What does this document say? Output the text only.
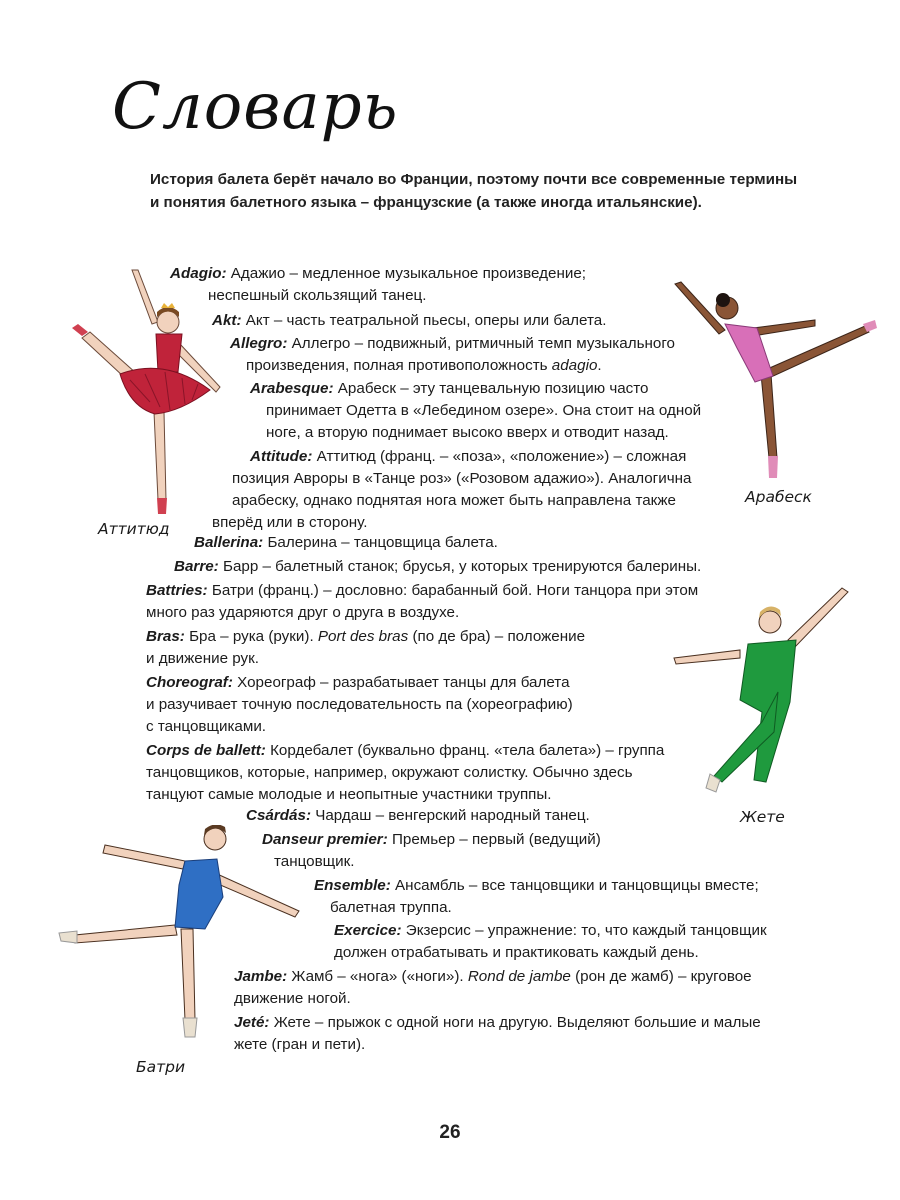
Словарь
История балета берёт начало во Франции, поэтому почти все современные термины и понятия балетного языка – французские (а также иногда итальянские).
Adagio: Адажио – медленное музыкальное произведение;
неспешный скользящий танец.
Akt: Акт – часть театральной пьесы, оперы или балета.
Allegro: Аллегро – подвижный, ритмичный темп музыкального
произведения, полная противоположность adagio.
Arabesque: Арабеск – эту танцевальную позицию часто
принимает Одетта в «Лебедином озере». Она стоит на одной
ноге, а вторую поднимает высоко вверх и отводит назад.
Attitude: Аттитюд (франц. – «поза», «положение») – сложная
позиция Авроры в «Танце роз» («Розовом адажио»). Аналогична
арабеску, однако поднятая нога может быть направлена также
вперёд или в сторону.
Ballerina: Балерина – танцовщица балета.
Barre: Барр – балетный станок; брусья, у которых тренируются балерины.
Battries: Батри (франц.) – дословно: барабанный бой. Ноги танцора при этом
много раз ударяются друг о друга в воздухе.
Bras: Бра – рука (руки). Port des bras (по де бра) – положение
и движение рук.
Choreograf: Хореограф – разрабатывает танцы для балета
и разучивает точную последовательность па (хореографию)
с танцовщиками.
Corps de ballett: Кордебалет (буквально франц. «тела балета») – группа
танцовщиков, которые, например, окружают солистку. Обычно здесь
танцуют самые молодые и неопытные участники труппы.
Csárdás: Чардаш – венгерский народный танец.
Danseur premier: Премьер – первый (ведущий)
танцовщик.
Ensemble: Ансамбль – все танцовщики и танцовщицы вместе;
балетная труппа.
Exercice: Экзерсис – упражнение: то, что каждый танцовщик
должен отрабатывать и практиковать каждый день.
Jambe: Жамб – «нога» («ноги»). Rond de jambe (рон де жамб) – круговое
движение ногой.
Jeté: Жете – прыжок с одной ноги на другую. Выделяют большие и малые
жете (гран и пети).
Аттитюд
Арабеск
Жете
Батри
26
